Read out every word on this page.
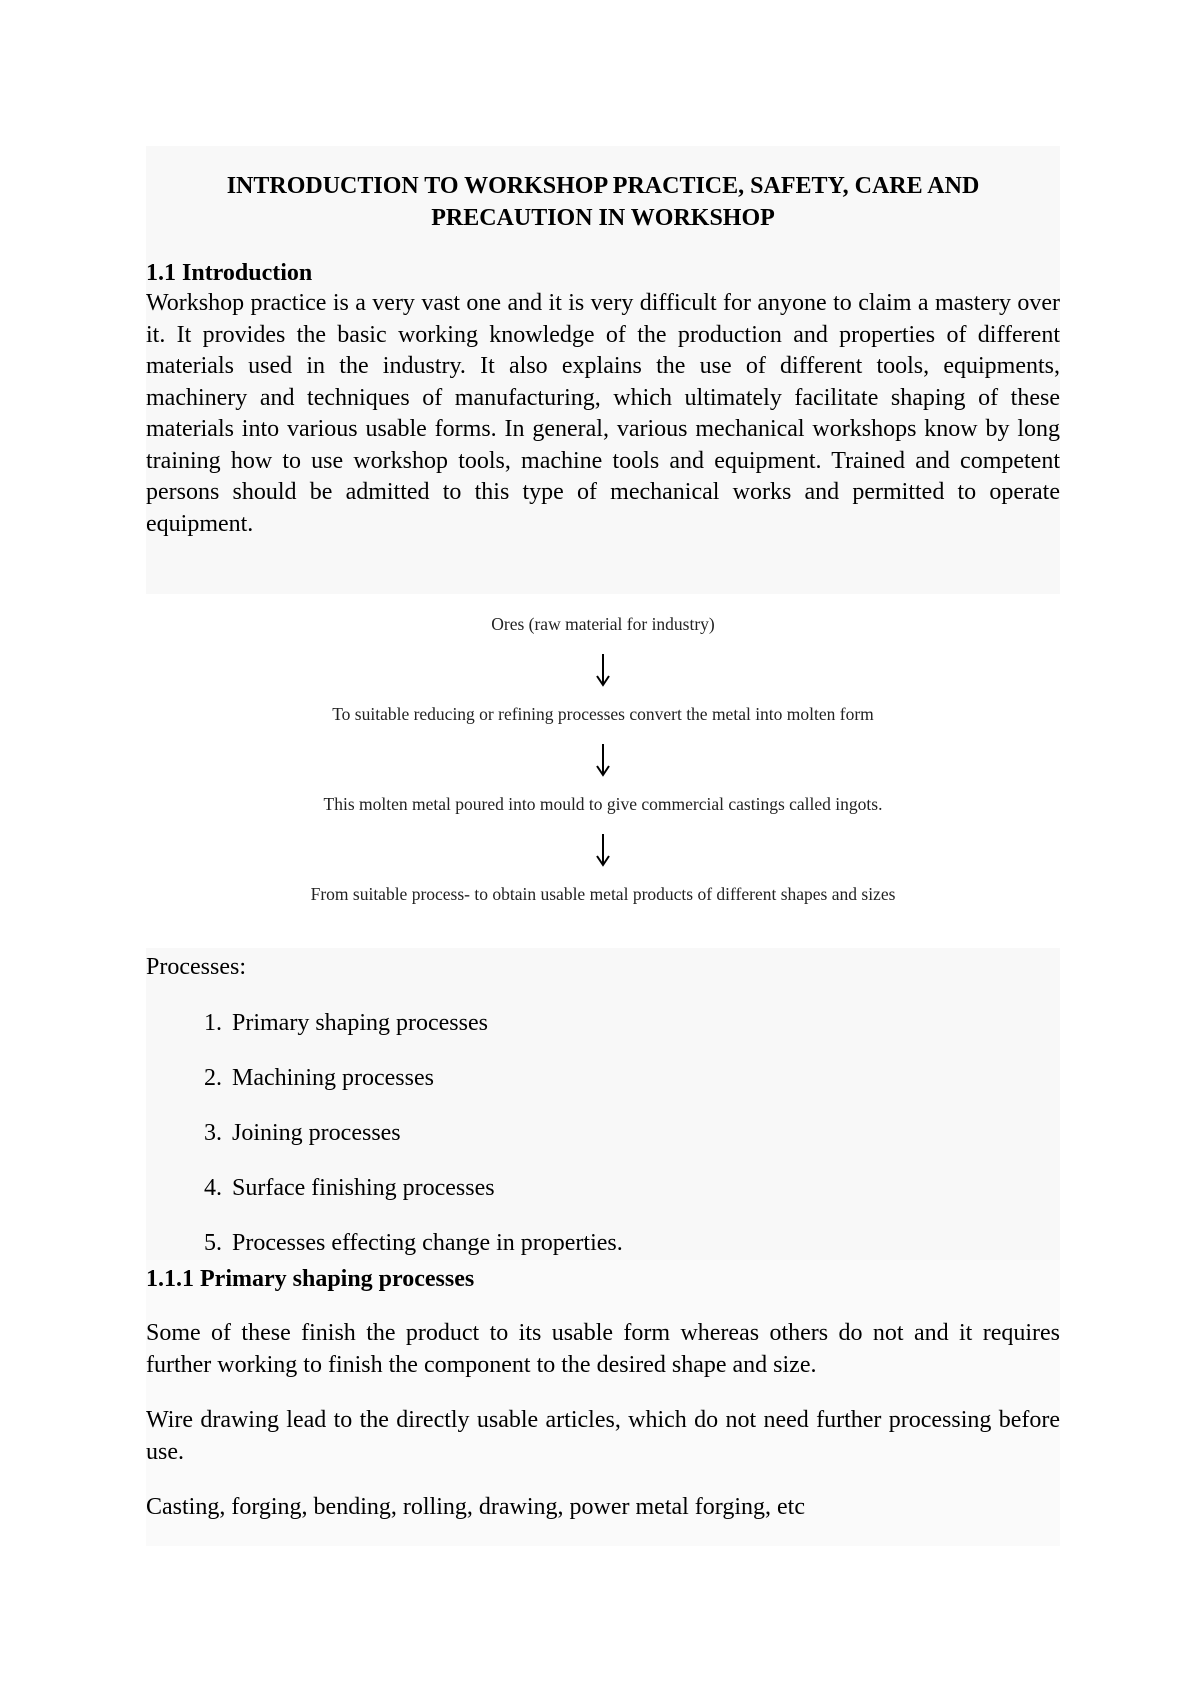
INTRODUCTION TO WORKSHOP PRACTICE, SAFETY, CARE AND

PRECAUTION IN WORKSHOP

1.1 Introduction

Workshop practice is a very vast one and it is very difficult for anyone to claim a mastery over it. It provides the basic working knowledge of the production and properties of different materials used in the industry. It also explains the use of different tools, equipments, machinery and techniques of manufacturing, which ultimately facilitate shaping of these materials into various usable forms. In general, various mechanical workshops know by long training how to use workshop tools, machine tools and equipment. Trained and competent persons should be admitted to this type of mechanical works and permitted to operate equipment.

Ores (raw material for industry)
To suitable reducing or refining processes convert the metal into molten form
This molten metal poured into mould to give commercial castings called ingots.
From suitable process- to obtain usable metal products of different shapes and sizes
Processes:
1. Primary shaping processes
2. Machining processes
3. Joining processes
4. Surface finishing processes
5. Processes effecting change in properties.

1.1.1 Primary shaping processes

Some of these finish the product to its usable form whereas others do not and it requires further working to finish the component to the desired shape and size.

Wire drawing lead to the directly usable articles, which do not need further processing before use.

Casting, forging, bending, rolling, drawing, power metal forging, etc
